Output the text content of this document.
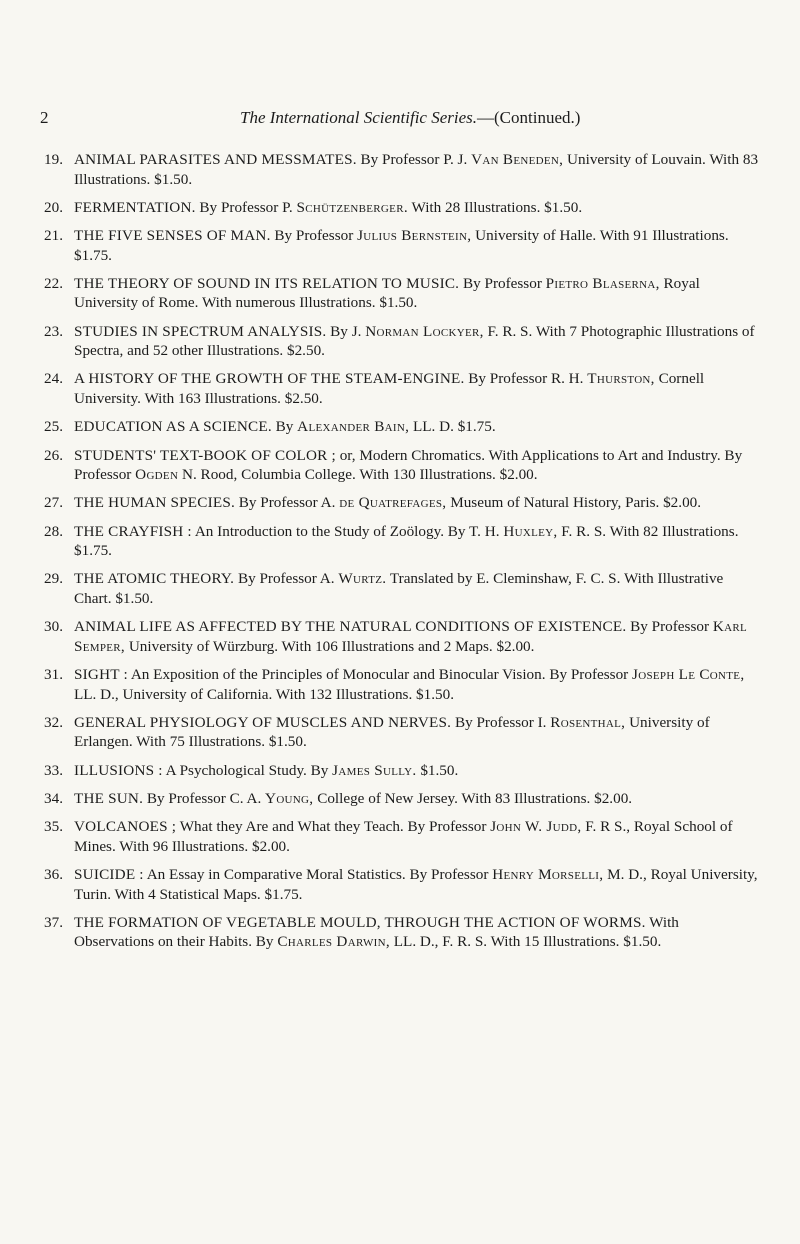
2	The International Scientific Series.—(Continued.)
19. ANIMAL PARASITES AND MESSMATES. By Professor P. J. Van Beneden, University of Louvain. With 83 Illustrations. $1.50.
20. FERMENTATION. By Professor P. Schützenberger. With 28 Illustrations. $1.50.
21. THE FIVE SENSES OF MAN. By Professor Julius Bernstein, University of Halle. With 91 Illustrations. $1.75.
22. THE THEORY OF SOUND IN ITS RELATION TO MUSIC. By Professor Pietro Blaserna, Royal University of Rome. With numerous Illustrations. $1.50.
23. STUDIES IN SPECTRUM ANALYSIS. By J. Norman Lockyer, F. R. S. With 7 Photographic Illustrations of Spectra, and 52 other Illustrations. $2.50.
24. A HISTORY OF THE GROWTH OF THE STEAM-ENGINE. By Professor R. H. Thurston, Cornell University. With 163 Illustrations. $2.50.
25. EDUCATION AS A SCIENCE. By Alexander Bain, LL. D. $1.75.
26. STUDENTS' TEXT-BOOK OF COLOR ; or, Modern Chromatics. With Applications to Art and Industry. By Professor Ogden N. Rood, Columbia College. With 130 Illustrations. $2.00.
27. THE HUMAN SPECIES. By Professor A. de Quatrefages, Museum of Natural History, Paris. $2.00.
28. THE CRAYFISH : An Introduction to the Study of Zoölogy. By T. H. Huxley, F. R. S. With 82 Illustrations. $1.75.
29. THE ATOMIC THEORY. By Professor A. Wurtz. Translated by E. Cleminshaw, F. C. S. With Illustrative Chart. $1.50.
30. ANIMAL LIFE AS AFFECTED BY THE NATURAL CONDITIONS OF EXISTENCE. By Professor Karl Semper, University of Würzburg. With 106 Illustrations and 2 Maps. $2.00.
31. SIGHT : An Exposition of the Principles of Monocular and Binocular Vision. By Professor Joseph Le Conte, LL. D., University of California. With 132 Illustrations. $1.50.
32. GENERAL PHYSIOLOGY OF MUSCLES AND NERVES. By Professor I. Rosenthal, University of Erlangen. With 75 Illustrations. $1.50.
33. ILLUSIONS : A Psychological Study. By James Sully. $1.50.
34. THE SUN. By Professor C. A. Young, College of New Jersey. With 83 Illustrations. $2.00.
35. VOLCANOES ; What they Are and What they Teach. By Professor John W. Judd, F. R S., Royal School of Mines. With 96 Illustrations. $2.00.
36. SUICIDE : An Essay in Comparative Moral Statistics. By Professor Henry Morselli, M. D., Royal University, Turin. With 4 Statistical Maps. $1.75.
37. THE FORMATION OF VEGETABLE MOULD, THROUGH THE ACTION OF WORMS. With Observations on their Habits. By Charles Darwin, LL. D., F. R. S. With 15 Illustrations. $1.50.
